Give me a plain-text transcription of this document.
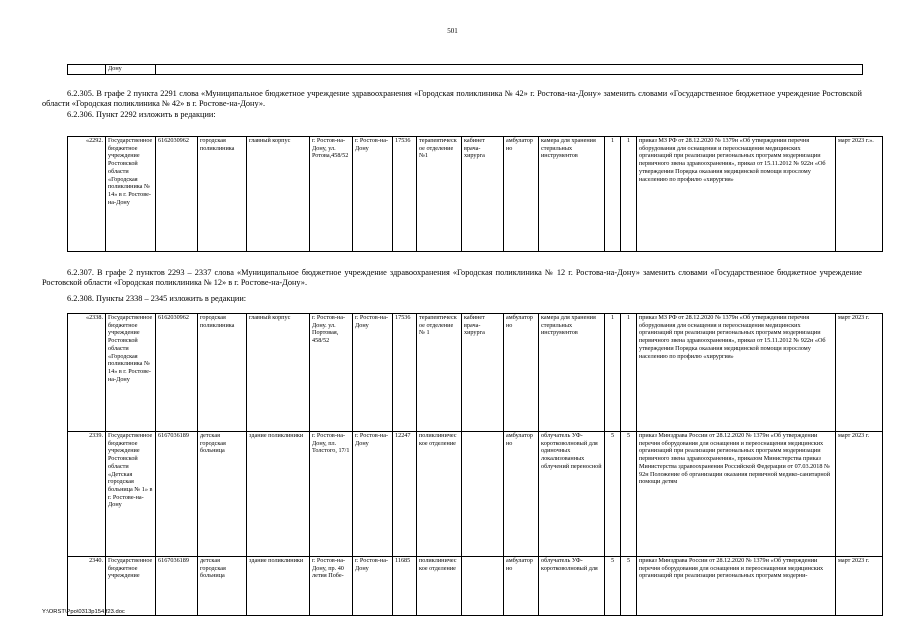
501
	Дону	

6.2.305. В графе 2 пункта 2291 слова «Муниципальное бюджетное учреждение здравоохранения «Городская поликлиника № 42» г. Ростова-на-Дону» заменить словами «Государственное бюджетное учреждение Ростовской области «Городская поликлиника № 42» в г. Ростове-на-Дону».

6.2.306. Пункт 2292 изложить в редакции:

«2292.	Государственное бюджетное учреждение Ростовской области «Городская поликлиника № 14» в г. Ростове-на-Дону	6162030962	городская поликлиника	главный корпус	г. Ростов-на-Дону, ул. Ротова,458/52	г. Ростов-на-Дону	17536	терапевтическое отделение №1	кабинет врача-хирурга	амбулаторно	камера для хранения стерильных инструментов	1	1	приказ МЗ РФ от 28.12.2020 № 1379н «Об утверждении перечня оборудования для оснащения и переоснащения медицинских организаций при реализации региональных программ модернизации первичного звена здравоохранения», приказ от 15.11.2012 № 922н «Об утверждении Порядка оказания медицинской помощи взрослому населению по профилю «хирургия»	март 2023 г.».

6.2.307. В графе 2 пунктов 2293 – 2337 слова «Муниципальное бюджетное учреждение здравоохранения «Городская поликлиника № 12 г. Ростова-на-Дону» заменить словами «Государственное бюджетное учреждение Ростовской области «Городская поликлиника № 12» в г. Ростове-на-Дону».

6.2.308. Пункты 2338 – 2345 изложить в редакции:

«2338.	Государственное бюджетное учреждение Ростовской области «Городская поликлиника № 14» в г. Ростове-на-Дону	6162030962	городская поликлиника	главный корпус	г. Ростов-на-Дону. ул. Портовая, 458/52	г. Ростов-на-Дону	17536	терапевтическое отделение № 1	кабинет врача-хирурга	амбулаторно	камера для хранения стерильных инструментов	1	1	приказ МЗ РФ от 28.12.2020 № 1379н «Об утверждении перечня оборудования для оснащения и переоснащения медицинских организаций при реализации региональных программ модернизации первичного звена здравоохранения», приказ от 15.11.2012 № 922н «Об утверждении Порядка оказания медицинской помощи взрослому населению по профилю «хирургия»	март 2023 г.
2339.	Государственное бюджетное учреждение Ростовской области «Детская городская больница № 1» в г. Ростове-на-Дону	6167036189	детская городская больница	здание поликлиники	г. Ростов-на-Дону, пл. Толстого, 17/1	г. Ростов-на-Дону	12247	поликлиническое отделение		амбулаторно	облучатель УФ-коротковолновый для одиночных локализованных облучений переносной	5	5	приказ Минздрава России от 28.12.2020 № 1379н «Об утверждении перечня оборудования для оснащения и переоснащения медицинских организаций при реализации региональных программ модернизации первичного звена здравоохранения», приказом Министерства приказ Министерства здравоохранения Российской Федерации от 07.03.2018 № 92н Положение об организации оказания первичной медико-санитарной помощи детям	март 2023 г.
2340.	Государственное бюджетное учреждение	6167036189	детская городская больница	здание поликлиники	г. Ростов-на-Дону, пр. 40 летия Побе-	г. Ростов-на-Дону	11685	поликлиническое отделение		амбулаторно	облучатель УФ-коротковолновый для	5	5	приказ Минздрава России от 28.12.2020 № 1379н «Об утверждении перечня оборудования для оснащения и переоснащения медицинских организаций при реализации региональных программ модерни-	март 2023 г.
Y:\ORST\Ppo\0313p154.f23.doc
